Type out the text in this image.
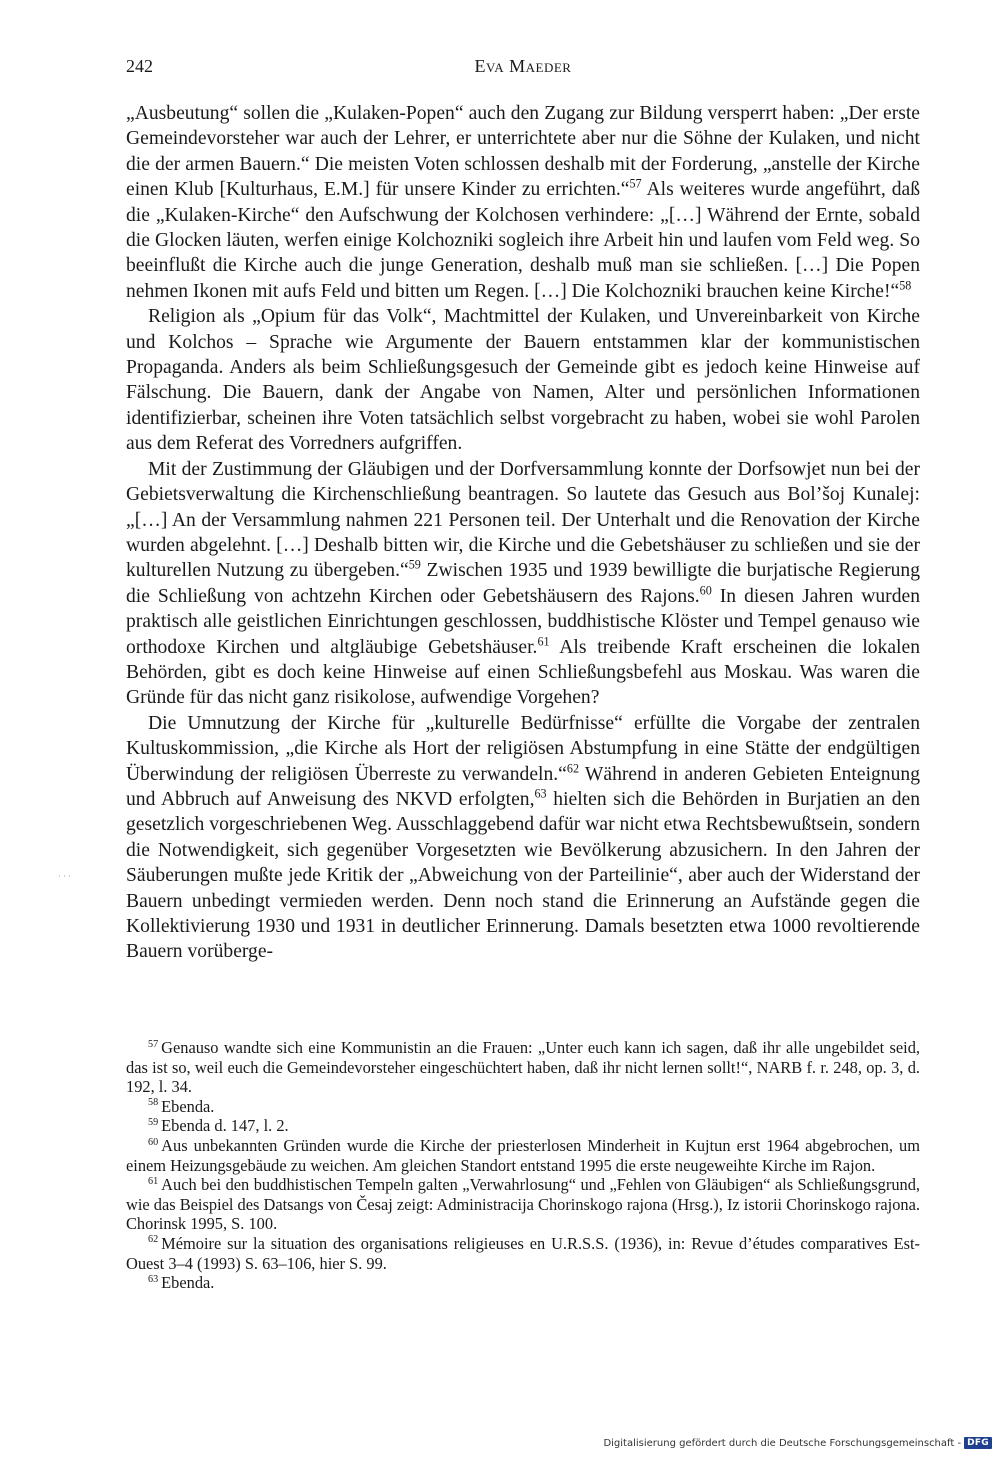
242	Eva Maeder

„Ausbeutung“ sollen die „Kulaken-Popen“ auch den Zugang zur Bildung versperrt haben: „Der erste Gemeindevorsteher war auch der Lehrer, er unterrichtete aber nur die Söhne der Kulaken, und nicht die der armen Bauern.“ Die meisten Voten schlossen deshalb mit der Forderung, „anstelle der Kirche einen Klub [Kulturhaus, E.M.] für unsere Kinder zu errichten.“$^{57}$ Als weiteres wurde angeführt, daß die „Kulaken-Kirche“ den Aufschwung der Kolchosen verhindere: „[…] Während der Ernte, sobald die Glocken läuten, werfen einige Kolchozniki sogleich ihre Arbeit hin und laufen vom Feld weg. So beeinflußt die Kirche auch die junge Generation, deshalb muß man sie schließen. […] Die Popen nehmen Ikonen mit aufs Feld und bitten um Regen. […] Die Kolchozniki brauchen keine Kirche!“$^{58}$

Religion als „Opium für das Volk“, Machtmittel der Kulaken, und Unvereinbarkeit von Kirche und Kolchos – Sprache wie Argumente der Bauern entstammen klar der kommunistischen Propaganda. Anders als beim Schließungsgesuch der Gemeinde gibt es jedoch keine Hinweise auf Fälschung. Die Bauern, dank der Angabe von Namen, Alter und persönlichen Informationen identifizierbar, scheinen ihre Voten tatsächlich selbst vorgebracht zu haben, wobei sie wohl Parolen aus dem Referat des Vorredners aufgriffen.

Mit der Zustimmung der Gläubigen und der Dorfversammlung konnte der Dorfsowjet nun bei der Gebietsverwaltung die Kirchenschließung beantragen. So lautete das Gesuch aus Bol’šoj Kunalej: „[…] An der Versammlung nahmen 221 Personen teil. Der Unterhalt und die Renovation der Kirche wurden abgelehnt. […] Deshalb bitten wir, die Kirche und die Gebetshäuser zu schließen und sie der kulturellen Nutzung zu übergeben.“$^{59}$ Zwischen 1935 und 1939 bewilligte die burjatische Regierung die Schließung von achtzehn Kirchen oder Gebetshäusern des Rajons.$^{60}$ In diesen Jahren wurden praktisch alle geistlichen Einrichtungen geschlossen, buddhistische Klöster und Tempel genauso wie orthodoxe Kirchen und altgläubige Gebetshäuser.$^{61}$ Als treibende Kraft erscheinen die lokalen Behörden, gibt es doch keine Hinweise auf einen Schließungsbefehl aus Moskau. Was waren die Gründe für das nicht ganz risikolose, aufwendige Vorgehen?

Die Umnutzung der Kirche für „kulturelle Bedürfnisse“ erfüllte die Vorgabe der zentralen Kultuskommission, „die Kirche als Hort der religiösen Abstumpfung in eine Stätte der endgültigen Überwindung der religiösen Überreste zu verwandeln.“$^{62}$ Während in anderen Gebieten Enteignung und Abbruch auf Anweisung des NKVD erfolgten,$^{63}$ hielten sich die Behörden in Burjatien an den gesetzlich vorgeschriebenen Weg. Ausschlaggebend dafür war nicht etwa Rechtsbewußtsein, sondern die Notwendigkeit, sich gegenüber Vorgesetzten wie Bevölkerung abzusichern. In den Jahren der Säuberungen mußte jede Kritik der „Abweichung von der Parteilinie“, aber auch der Widerstand der Bauern unbedingt vermieden werden. Denn noch stand die Erinnerung an Aufstände gegen die Kollektivierung 1930 und 1931 in deutlicher Erinnerung. Damals besetzten etwa 1000 revoltierende Bauern vorüberge-

· · ·

$^{57}$ Genauso wandte sich eine Kommunistin an die Frauen: „Unter euch kann ich sagen, daß ihr alle ungebildet seid, das ist so, weil euch die Gemeindevorsteher eingeschüchtert haben, daß ihr nicht lernen sollt!“, NARB f. r. 248, op. 3, d. 192, l. 34.

$^{58}$ Ebenda.

$^{59}$ Ebenda d. 147, l. 2.

$^{60}$ Aus unbekannten Gründen wurde die Kirche der priesterlosen Minderheit in Kujtun erst 1964 abgebrochen, um einem Heizungsgebäude zu weichen. Am gleichen Standort entstand 1995 die erste neugeweihte Kirche im Rajon.

$^{61}$ Auch bei den buddhistischen Tempeln galten „Verwahrlosung“ und „Fehlen von Gläubigen“ als Schließungsgrund, wie das Beispiel des Datsangs von Česaj zeigt: Administracija Chorinskogo rajona (Hrsg.), Iz istorii Chorinskogo rajona. Chorinsk 1995, S. 100.

$^{62}$ Mémoire sur la situation des organisations religieuses en U.R.S.S. (1936), in: Revue d’études comparatives Est-Ouest 3–4 (1993) S. 63–106, hier S. 99.

$^{63}$ Ebenda.

Digitalisierung gefördert durch die Deutsche Forschungsgemeinschaft - DFG
